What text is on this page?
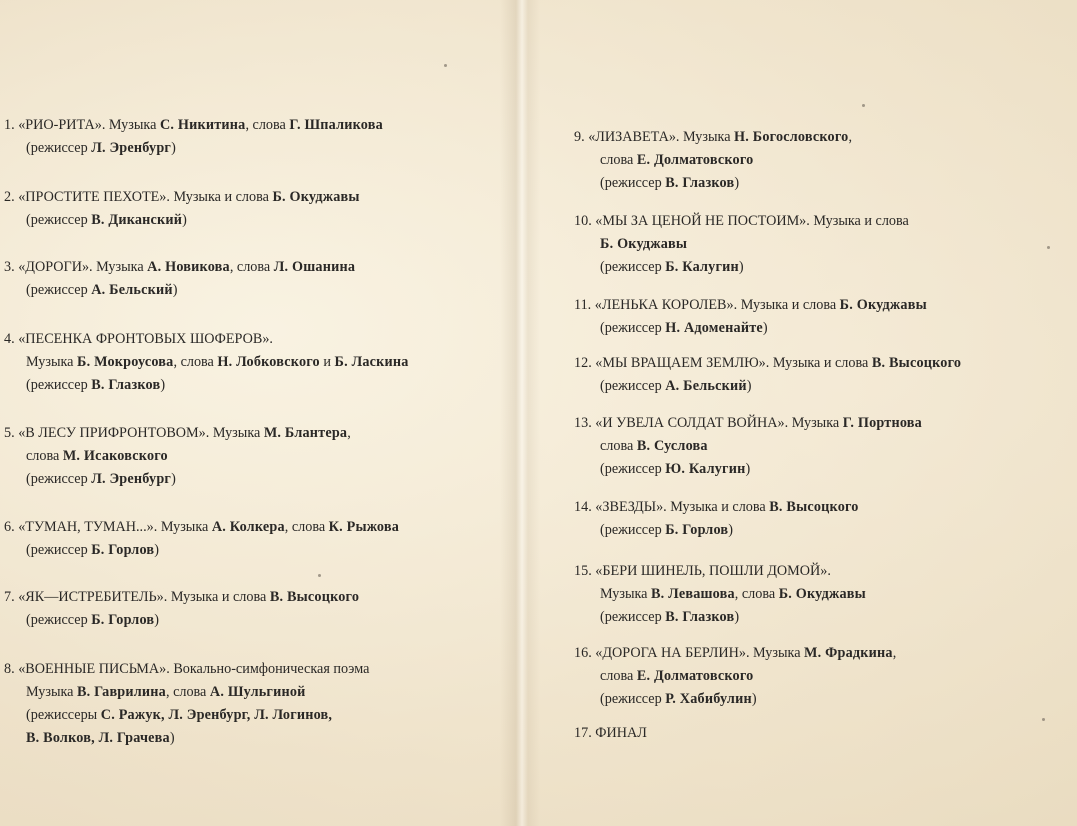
1. «РИО-РИТА». Музыка С. Никитина, слова Г. Шпаликова
(режиссер Л. Эренбург)
2. «ПРОСТИТЕ ПЕХОТЕ». Музыка и слова Б. Окуджавы
(режиссер В. Диканский)
3. «ДОРОГИ». Музыка А. Новикова, слова Л. Ошанина
(режиссер А. Бельский)
4. «ПЕСЕНКА ФРОНТОВЫХ ШОФЕРОВ».
Музыка Б. Мокроусова, слова Н. Лобковского и Б. Ласкина
(режиссер В. Глазков)
5. «В ЛЕСУ ПРИФРОНТОВОМ». Музыка М. Блантера,
слова М. Исаковского
(режиссер Л. Эренбург)
6. «ТУМАН, ТУМАН...». Музыка А. Колкера, слова К. Рыжова
(режиссер Б. Горлов)
7. «ЯК—ИСТРЕБИТЕЛЬ». Музыка и слова В. Высоцкого
(режиссер Б. Горлов)
8. «ВОЕННЫЕ ПИСЬМА». Вокально-симфоническая поэма
Музыка В. Гаврилина, слова А. Шульгиной
(режиссеры С. Ражук, Л. Эренбург, Л. Логинов,
В. Волков, Л. Грачева)
9. «ЛИЗАВЕТА». Музыка Н. Богословского,
слова Е. Долматовского
(режиссер В. Глазков)
10. «МЫ ЗА ЦЕНОЙ НЕ ПОСТОИМ». Музыка и слова
Б. Окуджавы
(режиссер Б. Калугин)
11. «ЛЕНЬКА КОРОЛЕВ». Музыка и слова Б. Окуджавы
(режиссер Н. Адоменайте)
12. «МЫ ВРАЩАЕМ ЗЕМЛЮ». Музыка и слова В. Высоцкого
(режиссер А. Бельский)
13. «И УВЕЛА СОЛДАТ ВОЙНА». Музыка Г. Портнова
слова В. Суслова
(режиссер Ю. Калугин)
14. «ЗВЕЗДЫ». Музыка и слова В. Высоцкого
(режиссер Б. Горлов)
15. «БЕРИ ШИНЕЛЬ, ПОШЛИ ДОМОЙ».
Музыка В. Левашова, слова Б. Окуджавы
(режиссер В. Глазков)
16. «ДОРОГА НА БЕРЛИН». Музыка М. Фрадкина,
слова Е. Долматовского
(режиссер Р. Хабибулин)
17. ФИНАЛ
